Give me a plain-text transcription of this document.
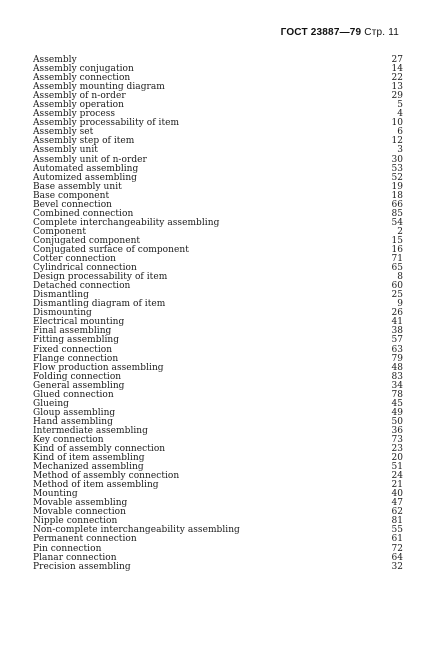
ГОСТ 23887—79 Стр. 11
Assembly	27
Assembly conjugation	14
Assembly connection	22
Assembly mounting diagram	13
Assembly of n-order	29
Assembly operation	5
Assembly process	4
Assembly processability of item	10
Assembly set	6
Assembly step of item	12
Assembly unit	3
Assembly unit of n-order	30
Automated assembling	53
Automized assembling	52
Base assembly unit	19
Base component	18
Bevel connection	66
Combined connection	85
Complete interchangeability assembling	54
Component	2
Conjugated component	15
Conjugated surface of component	16
Cotter connection	71
Cylindrical connection	65
Design processability of item	8
Detached connection	60
Dismantling	25
Dismantling diagram of item	9
Dismounting	26
Electrical mounting	41
Final assembling	38
Fitting assembling	57
Fixed connection	63
Flange connection	79
Flow production assembling	48
Folding connection	83
General assembling	34
Glued connection	78
Glueing	45
Gloup assembling	49
Hand assembling	50
Intermediate assembling	36
Key connection	73
Kind of assembly connection	23
Kind of item assembling	20
Mechanized assembling	51
Method of assembly connection	24
Method of item assembling	21
Mounting	40
Movable assembling	47
Movable connection	62
Nipple connection	81
Non-complete interchangeability assembling	55
Permanent connection	61
Pin connection	72
Planar connection	64
Precision assembling	32
